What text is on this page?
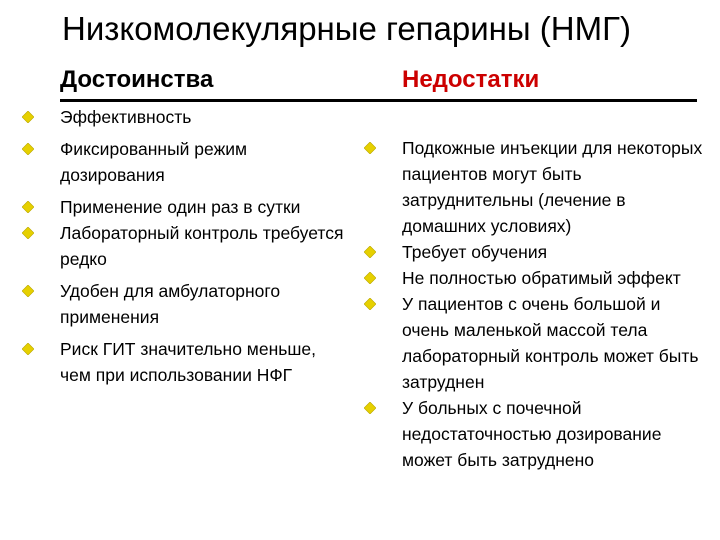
Низкомолекулярные гепарины (НМГ)
Достоинства	Недостатки
Эффективность
Фиксированный режим дозирования
Применение один раз в сутки
Лабораторный контроль требуется редко
Удобен для амбулаторного применения
Риск ГИТ значительно меньше, чем при использовании НФГ
Подкожные инъекции для некоторых пациентов могут быть затруднительны (лечение в домашних условиях)
Требует обучения
Не полностью обратимый эффект
У пациентов с очень большой и очень маленькой массой тела лабораторный контроль может быть затруднен
У больных с почечной недостаточностью дозирование может быть затруднено
